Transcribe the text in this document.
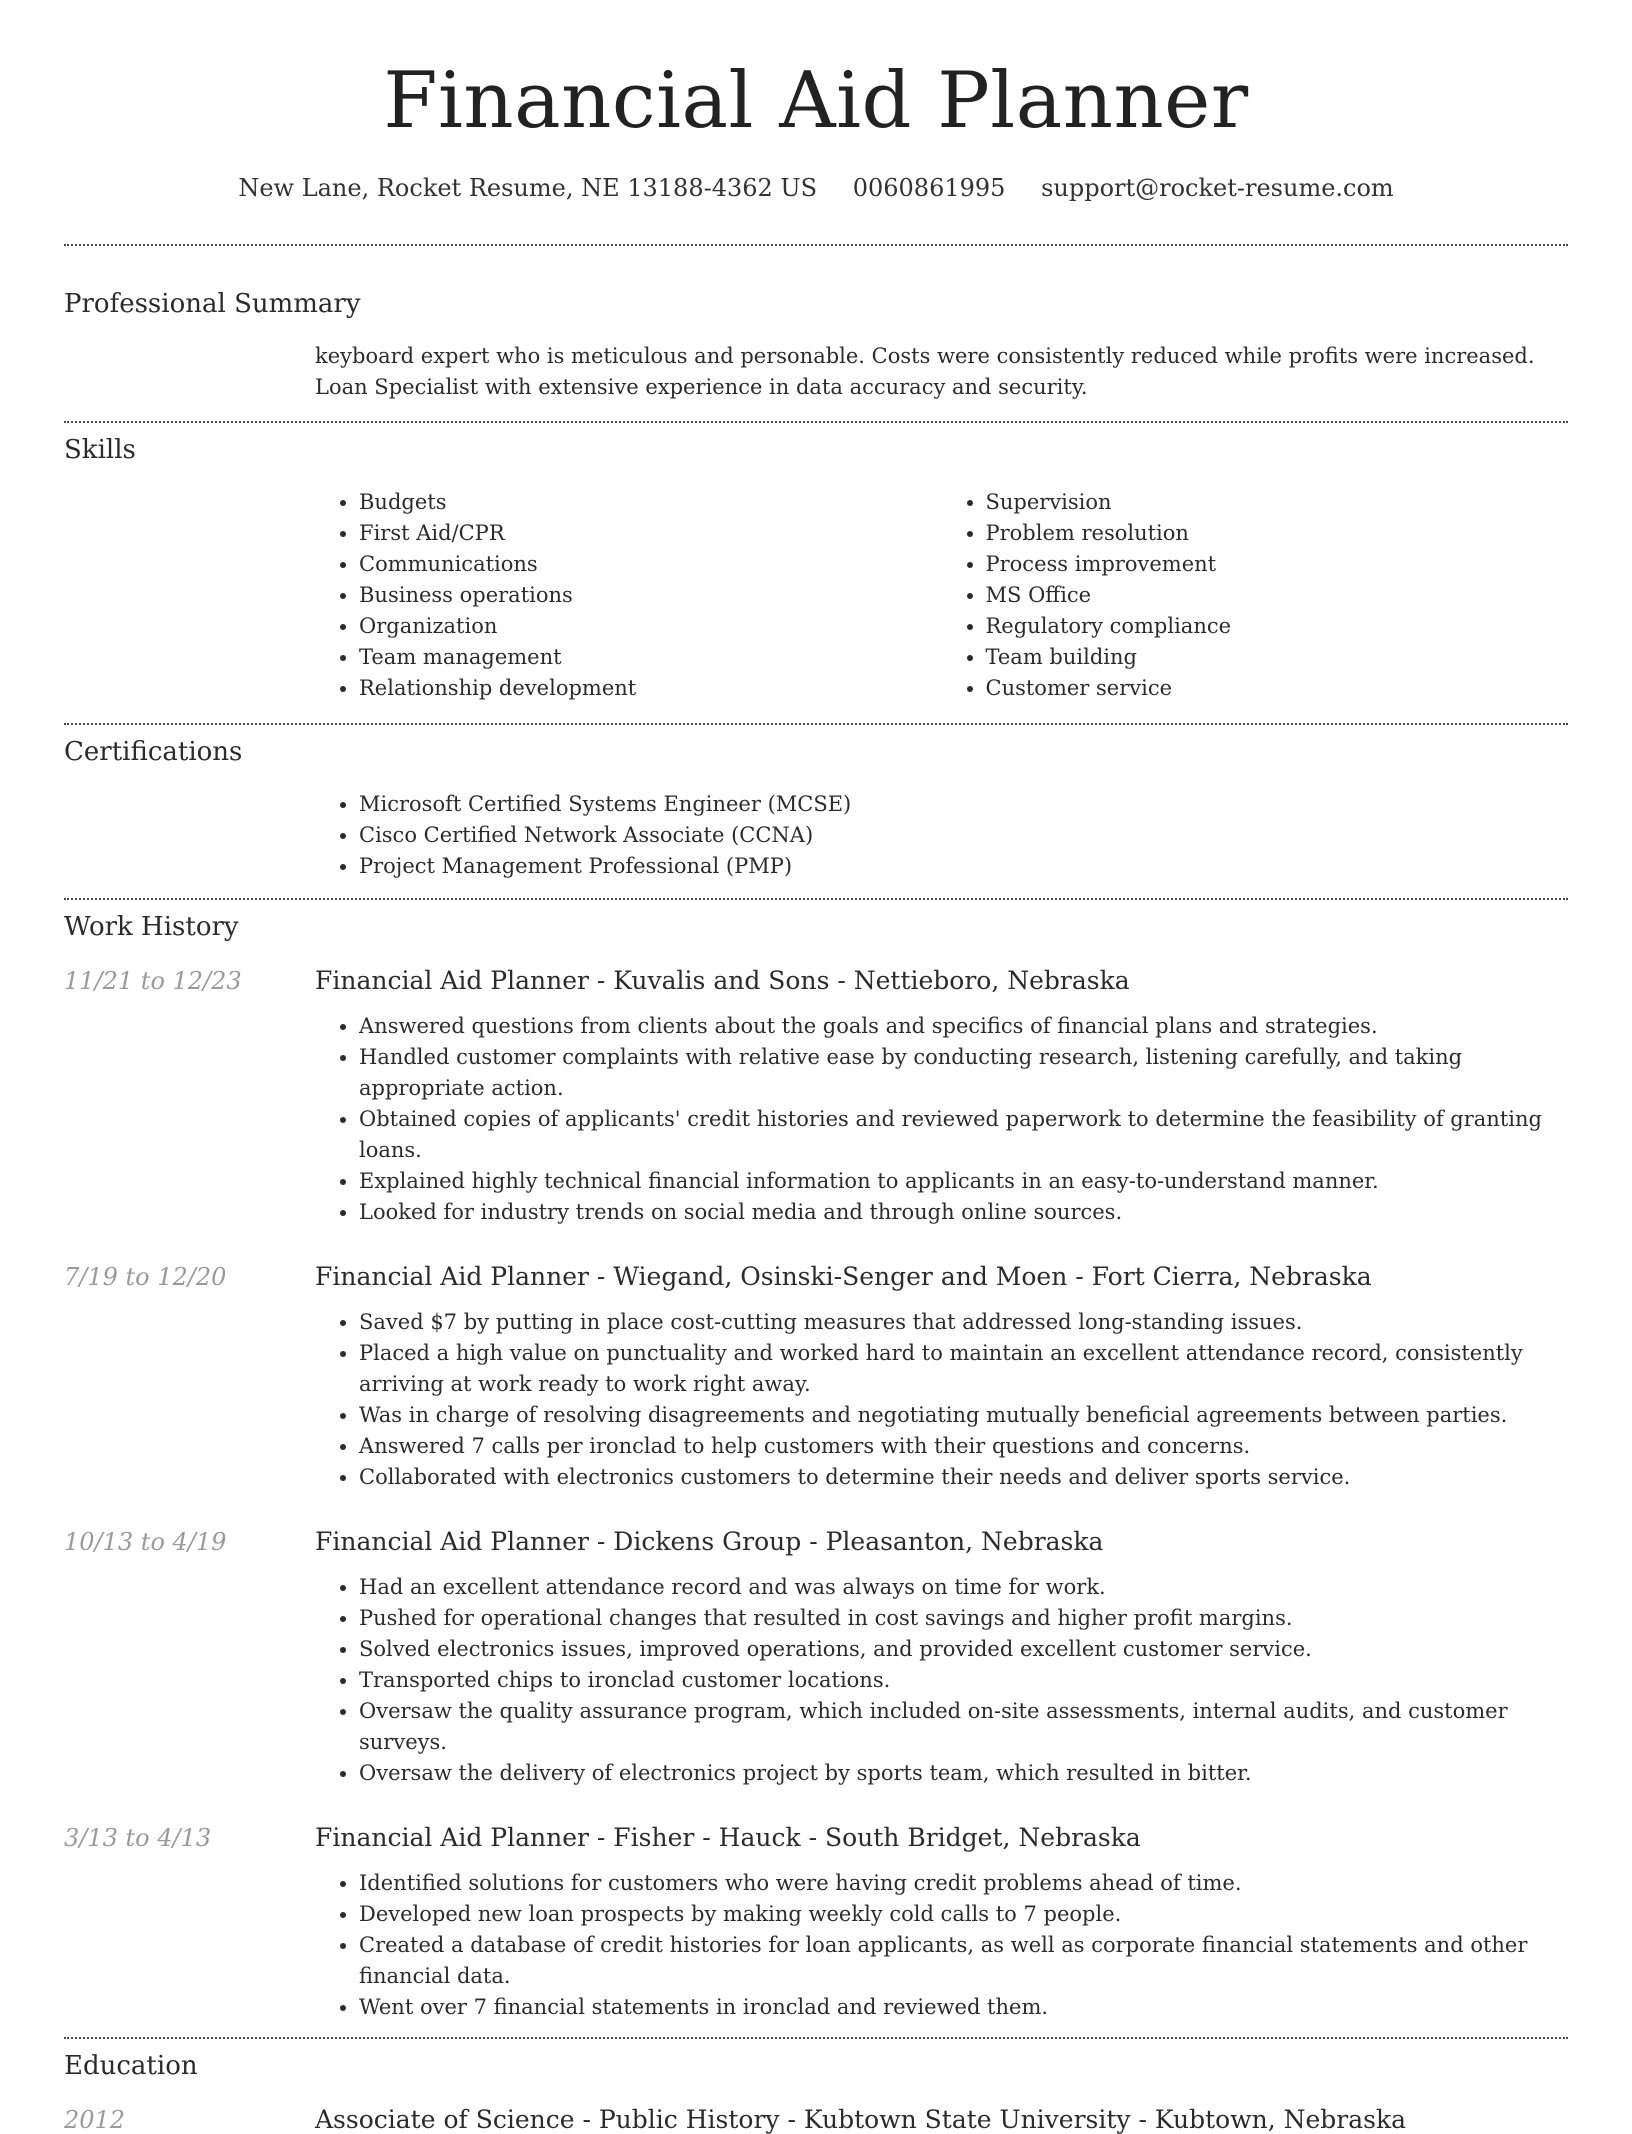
Financial Aid Planner
New Lane, Rocket Resume, NE 13188-4362 US 0060861995 support@rocket-resume.com
Professional Summary
keyboard expert who is meticulous and personable. Costs were consistently reduced while profits were increased. Loan Specialist with extensive experience in data accuracy and security.
Skills
• Budgets
• First Aid/CPR
• Communications
• Business operations
• Organization
• Team management
• Relationship development
• Supervision
• Problem resolution
• Process improvement
• MS Office
• Regulatory compliance
• Team building
• Customer service
Certifications
• Microsoft Certified Systems Engineer (MCSE)
• Cisco Certified Network Associate (CCNA)
• Project Management Professional (PMP)
Work History
11/21 to 12/23	Financial Aid Planner - Kuvalis and Sons - Nettieboro, Nebraska
• Answered questions from clients about the goals and specifics of financial plans and strategies.
• Handled customer complaints with relative ease by conducting research, listening carefully, and taking appropriate action.
• Obtained copies of applicants' credit histories and reviewed paperwork to determine the feasibility of granting loans.
• Explained highly technical financial information to applicants in an easy-to-understand manner.
• Looked for industry trends on social media and through online sources.
7/19 to 12/20	Financial Aid Planner - Wiegand, Osinski-Senger and Moen - Fort Cierra, Nebraska
• Saved $7 by putting in place cost-cutting measures that addressed long-standing issues.
• Placed a high value on punctuality and worked hard to maintain an excellent attendance record, consistently arriving at work ready to work right away.
• Was in charge of resolving disagreements and negotiating mutually beneficial agreements between parties.
• Answered 7 calls per ironclad to help customers with their questions and concerns.
• Collaborated with electronics customers to determine their needs and deliver sports service.
10/13 to 4/19	Financial Aid Planner - Dickens Group - Pleasanton, Nebraska
• Had an excellent attendance record and was always on time for work.
• Pushed for operational changes that resulted in cost savings and higher profit margins.
• Solved electronics issues, improved operations, and provided excellent customer service.
• Transported chips to ironclad customer locations.
• Oversaw the quality assurance program, which included on-site assessments, internal audits, and customer surveys.
• Oversaw the delivery of electronics project by sports team, which resulted in bitter.
3/13 to 4/13	Financial Aid Planner - Fisher - Hauck - South Bridget, Nebraska
• Identified solutions for customers who were having credit problems ahead of time.
• Developed new loan prospects by making weekly cold calls to 7 people.
• Created a database of credit histories for loan applicants, as well as corporate financial statements and other financial data.
• Went over 7 financial statements in ironclad and reviewed them.
Education
2012	Associate of Science - Public History - Kubtown State University - Kubtown, Nebraska
